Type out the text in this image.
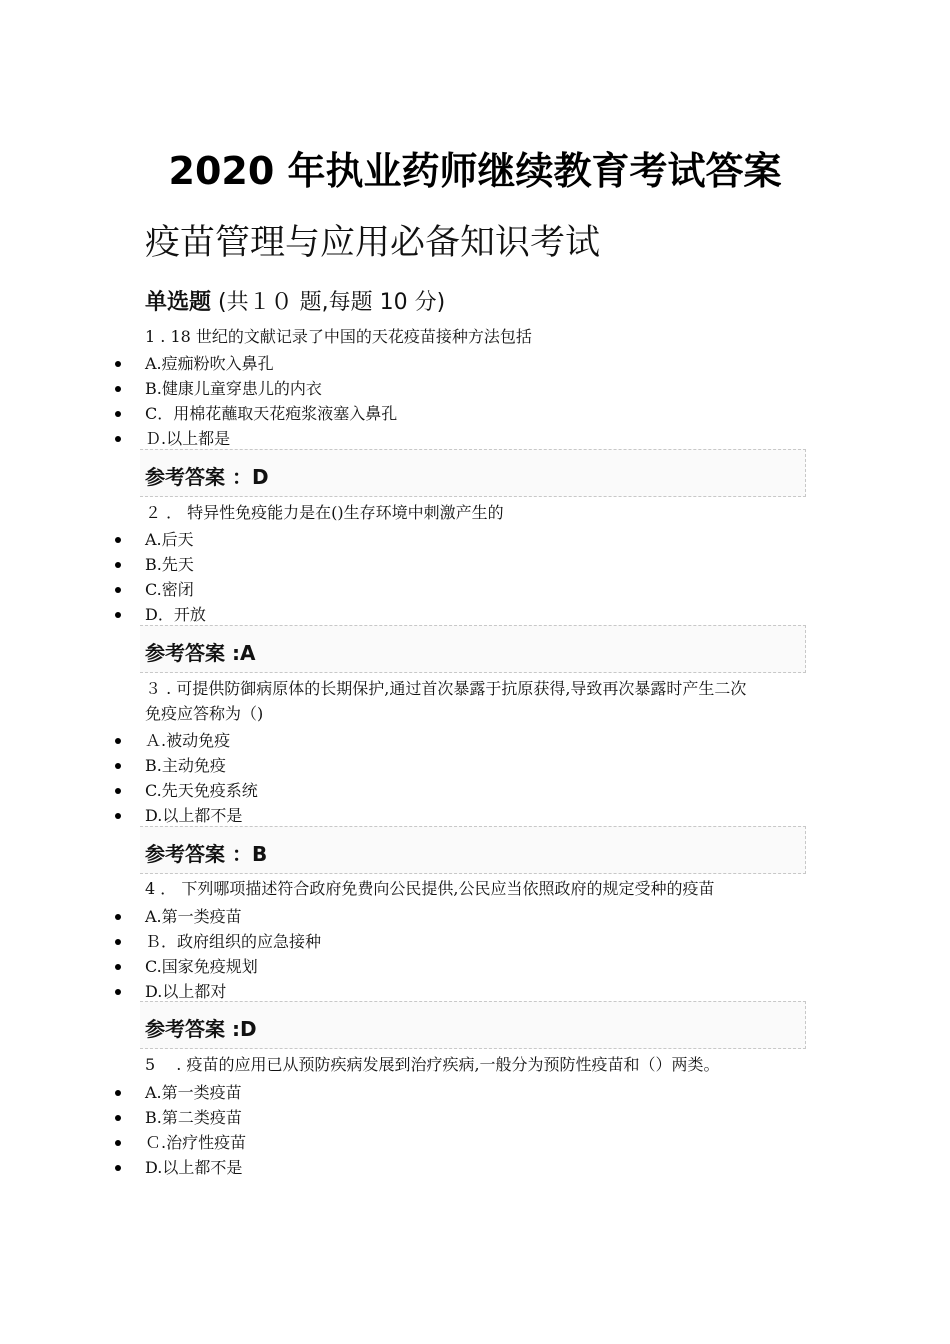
2020 年执业药师继续教育考试答案
疫苗管理与应用必备知识考试
单选题 (共１０ 题,每题 10 分)
1 . 18 世纪的文献记录了中国的天花疫苗接种方法包括
A.痘痂粉吹入鼻孔
B.健康儿童穿患儿的内衣
C．用棉花蘸取天花疱浆液塞入鼻孔
Ｄ.以上都是
参考答案 ：D
２ ． 特异性免疫能力是在()生存环境中刺激产生的
A.后天
B.先天
C.密闭
D．开放
参考答案 :A
３ . 可提供防御病原体的长期保护,通过首次暴露于抗原获得,导致再次暴露时产生二次
免疫应答称为（)
Ａ.被动免疫
B.主动免疫
C.先天免疫系统
D.以上都不是
参考答案 ：B
4 ． 下列哪项描述符合政府免费向公民提供,公民应当依照政府的规定受种的疫苗
A.第一类疫苗
Ｂ．政府组织的应急接种
C.国家免疫规划
D.以上都对
参考答案 :D
5 　. 疫苗的应用已从预防疾病发展到治疗疾病,一般分为预防性疫苗和（）两类。
A.第一类疫苗
B.第二类疫苗
Ｃ.治疗性疫苗
D.以上都不是
